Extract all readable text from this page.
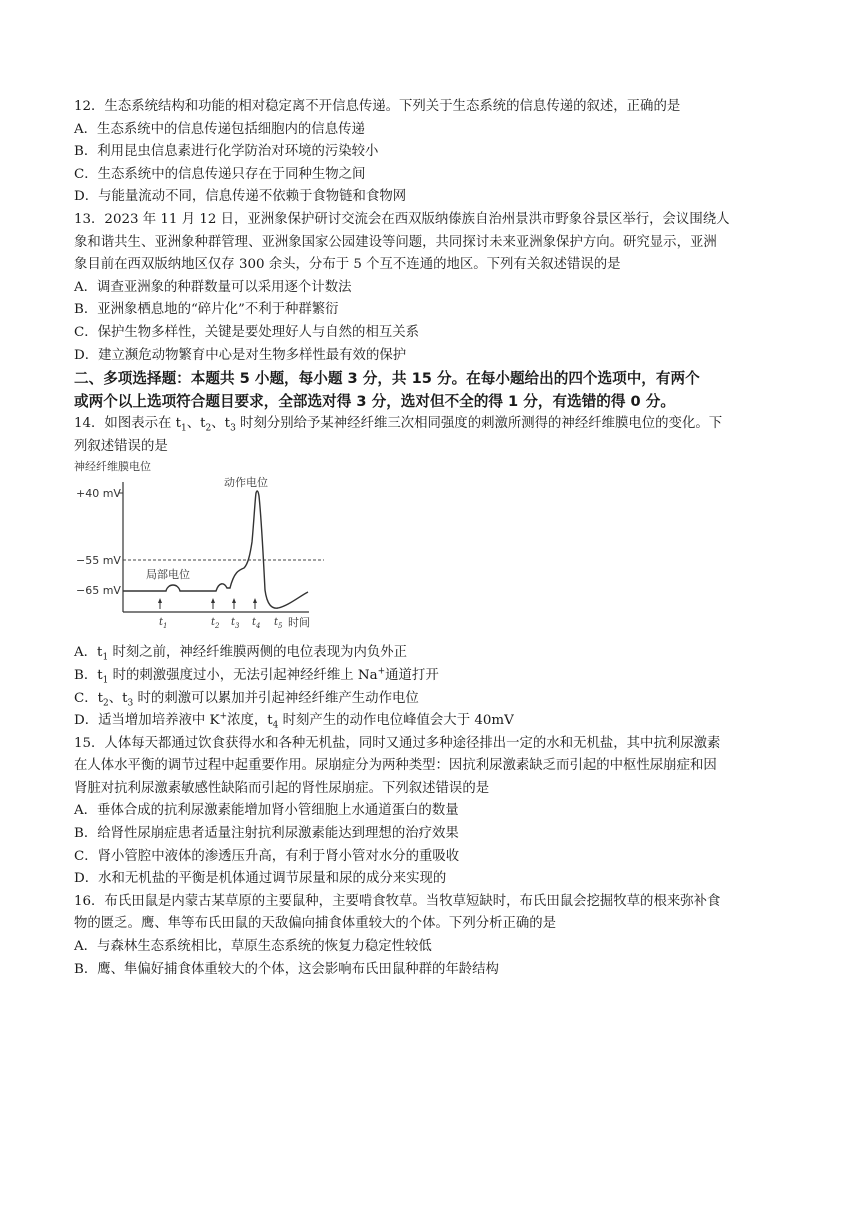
12．生态系统结构和功能的相对稳定离不开信息传递。下列关于生态系统的信息传递的叙述，正确的是
A．生态系统中的信息传递包括细胞内的信息传递
B．利用昆虫信息素进行化学防治对环境的污染较小
C．生态系统中的信息传递只存在于同种生物之间
D．与能量流动不同，信息传递不依赖于食物链和食物网
13．2023 年 11 月 12 日，亚洲象保护研讨交流会在西双版纳傣族自治州景洪市野象谷景区举行，会议围绕人
象和谐共生、亚洲象种群管理、亚洲象国家公园建设等问题，共同探讨未来亚洲象保护方向。研究显示，亚洲
象目前在西双版纳地区仅存 300 余头，分布于 5 个互不连通的地区。下列有关叙述错误的是
A．调查亚洲象的种群数量可以采用逐个计数法
B．亚洲象栖息地的“碎片化”不利于种群繁衍
C．保护生物多样性，关键是要处理好人与自然的相互关系
D．建立濒危动物繁育中心是对生物多样性最有效的保护
二、多项选择题：本题共 5 小题，每小题 3 分，共 15 分。在每小题给出的四个选项中，有两个
或两个以上选项符合题目要求，全部选对得 3 分，选对但不全的得 1 分，有选错的得 0 分。
14．如图表示在 $t_1$、$t_2$、$t_3$ 时刻分别给予某神经纤维三次相同强度的刺激所测得的神经纤维膜电位的变化。下
列叙述错误的是
神经纤维膜电位
+40 mV
−55 mV
−65 mV
动作电位
局部电位
$t_1$	$t_2$ $t_3$ $t_4$ $t_5$ 时间
A．$t_1$ 时刻之前，神经纤维膜两侧的电位表现为内负外正
B．$t_1$ 时的刺激强度过小，无法引起神经纤维上 Na+通道打开
C．$t_2$、$t_3$ 时的刺激可以累加并引起神经纤维产生动作电位
D．适当增加培养液中 K+浓度，$t_4$ 时刻产生的动作电位峰值会大于 40mV
15．人体每天都通过饮食获得水和各种无机盐，同时又通过多种途径排出一定的水和无机盐，其中抗利尿激素
在人体水平衡的调节过程中起重要作用。尿崩症分为两种类型：因抗利尿激素缺乏而引起的中枢性尿崩症和因
肾脏对抗利尿激素敏感性缺陷而引起的肾性尿崩症。下列叙述错误的是
A．垂体合成的抗利尿激素能增加肾小管细胞上水通道蛋白的数量
B．给肾性尿崩症患者适量注射抗利尿激素能达到理想的治疗效果
C．肾小管腔中液体的渗透压升高，有利于肾小管对水分的重吸收
D．水和无机盐的平衡是机体通过调节尿量和尿的成分来实现的
16．布氏田鼠是内蒙古某草原的主要鼠种，主要啃食牧草。当牧草短缺时，布氏田鼠会挖掘牧草的根来弥补食
物的匮乏。鹰、隼等布氏田鼠的天敌偏向捕食体重较大的个体。下列分析正确的是
A．与森林生态系统相比，草原生态系统的恢复力稳定性较低
B．鹰、隼偏好捕食体重较大的个体，这会影响布氏田鼠种群的年龄结构
